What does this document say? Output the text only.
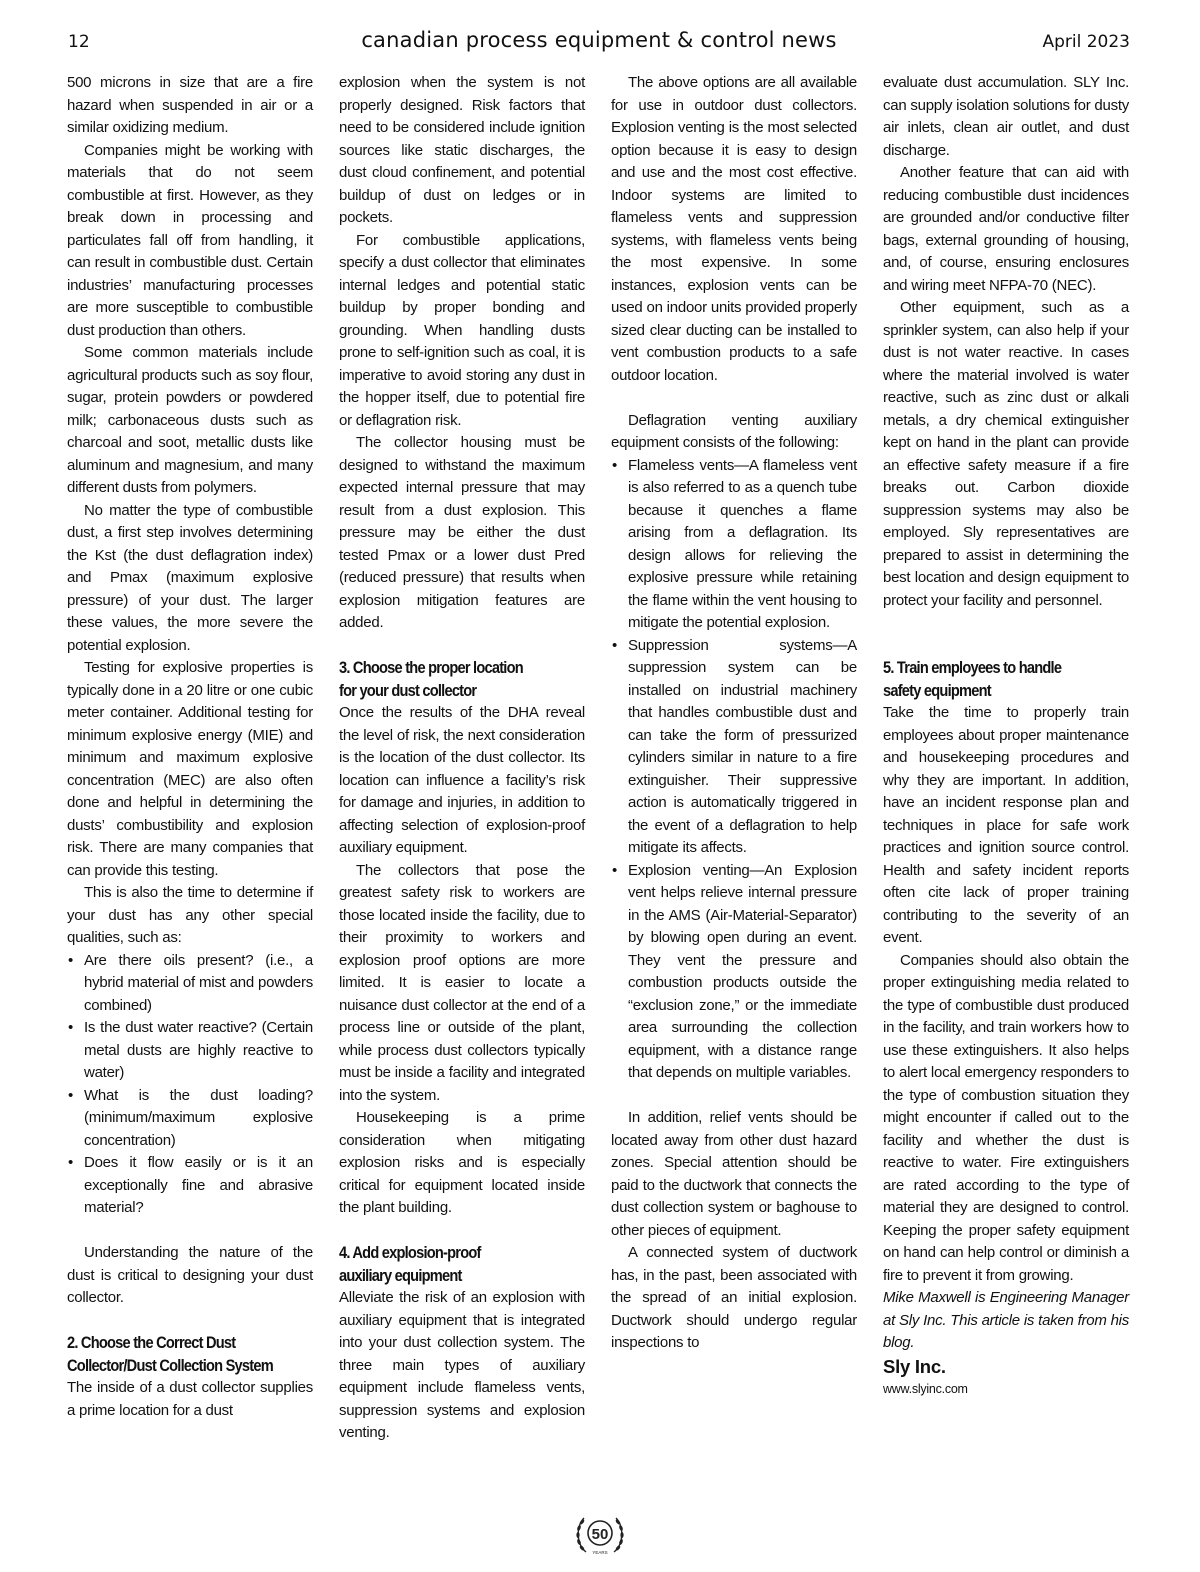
12	canadian process equipment & control news	April 2023

500 microns in size that are a fire hazard when suspended in air or a similar oxidizing medium.

Companies might be working with materials that do not seem combustible at first. However, as they break down in processing and particulates fall off from handling, it can result in combustible dust. Certain industries’ manufacturing processes are more susceptible to combustible dust production than others.

Some common materials include agricultural products such as soy flour, sugar, protein powders or powdered milk; carbonaceous dusts such as charcoal and soot, metallic dusts like aluminum and magnesium, and many different dusts from polymers.

No matter the type of combustible dust, a first step involves determining the Kst (the dust deflagration index) and Pmax (maximum explosive pressure) of your dust. The larger these values, the more severe the potential explosion.

Testing for explosive properties is typically done in a 20 litre or one cubic meter container. Additional testing for minimum explosive energy (MIE) and minimum and maximum explosive concentration (MEC) are also often done and helpful in determining the dusts’ combustibility and explosion risk. There are many companies that can provide this testing.

This is also the time to determine if your dust has any other special qualities, such as:

• Are there oils present? (i.e., a hybrid material of mist and powders combined)
• Is the dust water reactive? (Certain metal dusts are highly reactive to water)
• What is the dust loading? (minimum/maximum explosive concentration)
• Does it flow easily or is it an exceptionally fine and abrasive material?

Understanding the nature of the dust is critical to designing your dust collector.

2. Choose the Correct Dust
Collector/Dust Collection System

The inside of a dust collector supplies a prime location for a dust

explosion when the system is not properly designed. Risk factors that need to be considered include ignition sources like static discharges, the dust cloud confinement, and potential buildup of dust on ledges or in pockets.

For combustible applications, specify a dust collector that eliminates internal ledges and potential static buildup by proper bonding and grounding. When handling dusts prone to self-ignition such as coal, it is imperative to avoid storing any dust in the hopper itself, due to potential fire or deflagration risk.

The collector housing must be designed to withstand the maximum expected internal pressure that may result from a dust explosion. This pressure may be either the dust tested Pmax or a lower dust Pred (reduced pressure) that results when explosion mitigation features are added.

3. Choose the proper location
for your dust collector

Once the results of the DHA reveal the level of risk, the next consideration is the location of the dust collector. Its location can influence a facility’s risk for damage and injuries, in addition to affecting selection of explosion-proof auxiliary equipment.

The collectors that pose the greatest safety risk to workers are those located inside the facility, due to their proximity to workers and explosion proof options are more limited. It is easier to locate a nuisance dust collector at the end of a process line or outside of the plant, while process dust collectors typically must be inside a facility and integrated into the system.

Housekeeping is a prime consideration when mitigating explosion risks and is especially critical for equipment located inside the plant building.

4. Add explosion-proof
auxiliary equipment

Alleviate the risk of an explosion with auxiliary equipment that is integrated into your dust collection system. The three main types of auxiliary equipment include flameless vents, suppression systems and explosion venting.

The above options are all available for use in outdoor dust collectors. Explosion venting is the most selected option because it is easy to design and use and the most cost effective. Indoor systems are limited to flameless vents and suppression systems, with flameless vents being the most expensive. In some instances, explosion vents can be used on indoor units provided properly sized clear ducting can be installed to vent combustion products to a safe outdoor location.

Deflagration venting auxiliary equipment consists of the following:

• Flameless vents—A flameless vent is also referred to as a quench tube because it quenches a flame arising from a deflagration. Its design allows for relieving the explosive pressure while retaining the flame within the vent housing to mitigate the potential explosion.
• Suppression systems—A suppression system can be installed on industrial machinery that handles combustible dust and can take the form of pressurized cylinders similar in nature to a fire extinguisher. Their suppressive action is automatically triggered in the event of a deflagration to help mitigate its affects.
• Explosion venting—An Explosion vent helps relieve internal pressure in the AMS (Air-Material-Separator) by blowing open during an event. They vent the pressure and combustion products outside the “exclusion zone,” or the immediate area surrounding the collection equipment, with a distance range that depends on multiple variables.

In addition, relief vents should be located away from other dust hazard zones. Special attention should be paid to the ductwork that connects the dust collection system or baghouse to other pieces of equipment.

A connected system of ductwork has, in the past, been associated with the spread of an initial explosion. Ductwork should undergo regular inspections to

evaluate dust accumulation. SLY Inc. can supply isolation solutions for dusty air inlets, clean air outlet, and dust discharge.

Another feature that can aid with reducing combustible dust incidences are grounded and/or conductive filter bags, external grounding of housing, and, of course, ensuring enclosures and wiring meet NFPA-70 (NEC).

Other equipment, such as a sprinkler system, can also help if your dust is not water reactive. In cases where the material involved is water reactive, such as zinc dust or alkali metals, a dry chemical extinguisher kept on hand in the plant can provide an effective safety measure if a fire breaks out. Carbon dioxide suppression systems may also be employed. Sly representatives are prepared to assist in determining the best location and design equipment to protect your facility and personnel.

5. Train employees to handle
safety equipment

Take the time to properly train employees about proper maintenance and housekeeping procedures and why they are important. In addition, have an incident response plan and techniques in place for safe work practices and ignition source control. Health and safety incident reports often cite lack of proper training contributing to the severity of an event.

Companies should also obtain the proper extinguishing media related to the type of combustible dust produced in the facility, and train workers how to use these extinguishers. It also helps to alert local emergency responders to the type of combustion situation they might encounter if called out to the facility and whether the dust is reactive to water. Fire extinguishers are rated according to the type of material they are designed to control. Keeping the proper safety equipment on hand can help control or diminish a fire to prevent it from growing.

Mike Maxwell is Engineering Manager at Sly Inc. This article is taken from his blog.

Sly Inc.
www.slyinc.com
50
YEARS
